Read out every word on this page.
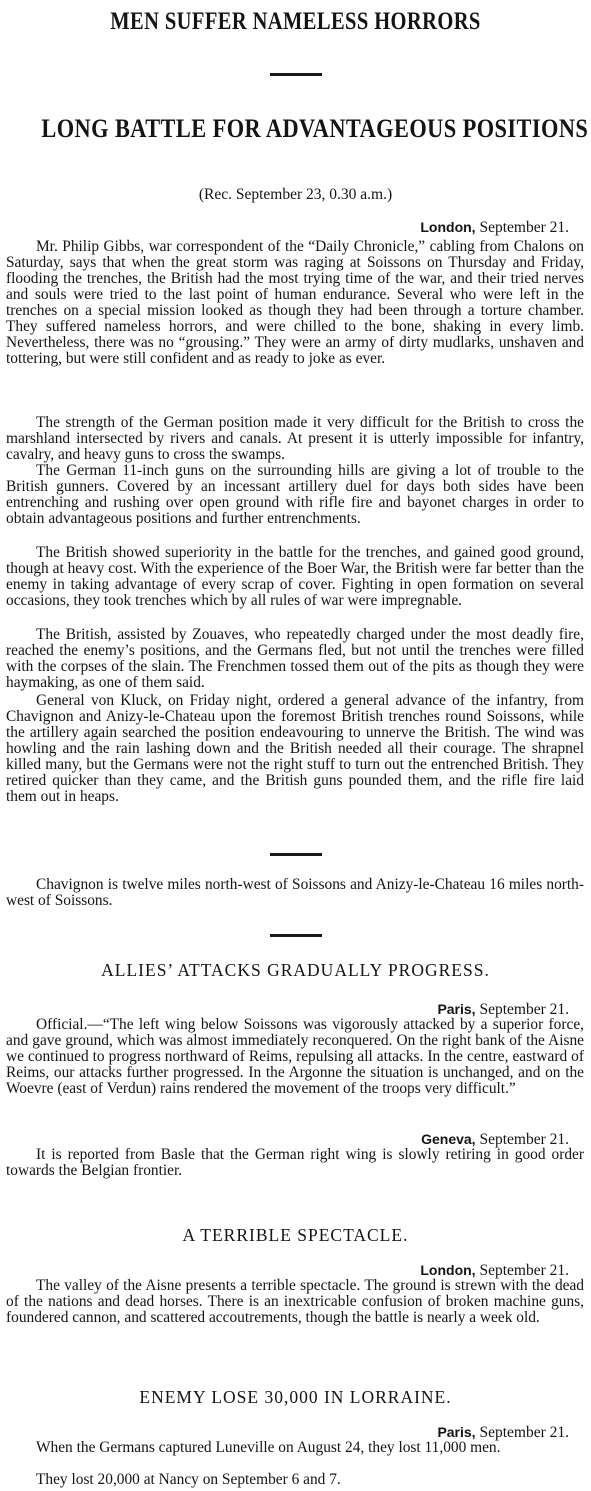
MEN SUFFER NAMELESS HORRORS
LONG BATTLE FOR ADVANTAGEOUS POSITIONS
(Rec. September 23, 0.30 a.m.)
London, September 21.

Mr. Philip Gibbs, war correspondent of the “Daily Chronicle,” cabling from Chalons on Saturday, says that when the great storm was raging at Soissons on Thursday and Friday, flooding the trenches, the British had the most trying time of the war, and their tried nerves and souls were tried to the last point of human endurance. Several who were left in the trenches on a special mission looked as though they had been through a torture chamber. They suffered nameless horrors, and were chilled to the bone, shaking in every limb. Nevertheless, there was no “grousing.” They were an army of dirty mudlarks, unshaven and tottering, but were still confident and as ready to joke as ever.

The strength of the German position made it very difficult for the British to cross the marshland intersected by rivers and canals. At present it is utterly impossible for infantry, cavalry, and heavy guns to cross the swamps.

The German 11-inch guns on the surrounding hills are giving a lot of trouble to the British gunners. Covered by an incessant artillery duel for days both sides have been entrenching and rushing over open ground with rifle fire and bayonet charges in order to obtain advantageous positions and further entrenchments.

The British showed superiority in the battle for the trenches, and gained good ground, though at heavy cost. With the experience of the Boer War, the British were far better than the enemy in taking advantage of every scrap of cover. Fighting in open formation on several occasions, they took trenches which by all rules of war were impregnable.

The British, assisted by Zouaves, who repeatedly charged under the most deadly fire, reached the enemy’s positions, and the Germans fled, but not until the trenches were filled with the corpses of the slain. The Frenchmen tossed them out of the pits as though they were haymaking, as one of them said.

General von Kluck, on Friday night, ordered a general advance of the infantry, from Chavignon and Anizy-le-Chateau upon the foremost British trenches round Soissons, while the artillery again searched the position endeavouring to unnerve the British. The wind was howling and the rain lashing down and the British needed all their courage. The shrapnel killed many, but the Germans were not the right stuff to turn out the entrenched British. They retired quicker than they came, and the British guns pounded them, and the rifle fire laid them out in heaps.

Chavignon is twelve miles north-west of Soissons and Anizy-le-Chateau 16 miles north-west of Soissons.

ALLIES’ ATTACKS GRADUALLY PROGRESS.
Paris, September 21.

Official.—“The left wing below Soissons was vigorously attacked by a superior force, and gave ground, which was almost immediately reconquered. On the right bank of the Aisne we continued to progress northward of Reims, repulsing all attacks. In the centre, eastward of Reims, our attacks further progressed. In the Argonne the situation is unchanged, and on the Woevre (east of Verdun) rains rendered the movement of the troops very difficult.”

Geneva, September 21.

It is reported from Basle that the German right wing is slowly retiring in good order towards the Belgian frontier.

A TERRIBLE SPECTACLE.
London, September 21.

The valley of the Aisne presents a terrible spectacle. The ground is strewn with the dead of the nations and dead horses. There is an inextricable confusion of broken machine guns, foundered cannon, and scattered accoutrements, though the battle is nearly a week old.

ENEMY LOSE 30,000 IN LORRAINE.
Paris, September 21.

When the Germans captured Luneville on August 24, they lost 11,000 men.

They lost 20,000 at Nancy on September 6 and 7.
